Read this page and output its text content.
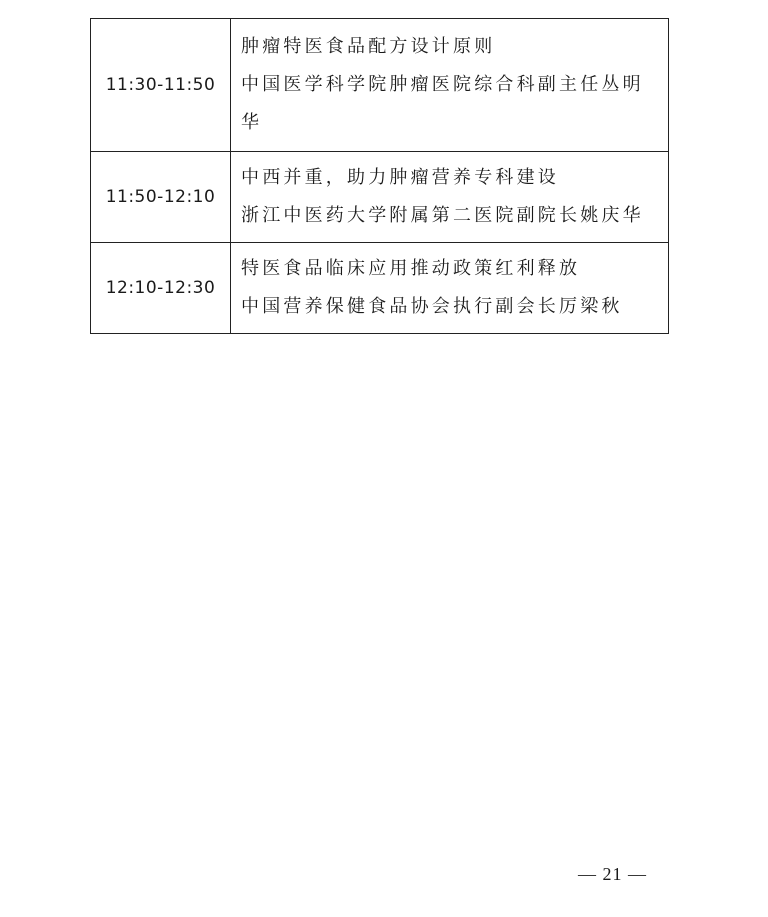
11:30-11:50	肿瘤特医食品配方设计原则
中国医学科学院肿瘤医院综合科副主任丛明华

11:50-12:10	中西并重，助力肿瘤营养专科建设
浙江中医药大学附属第二医院副院长姚庆华

12:10-12:30	特医食品临床应用推动政策红利释放
中国营养保健食品协会执行副会长厉梁秋
— 21 —
